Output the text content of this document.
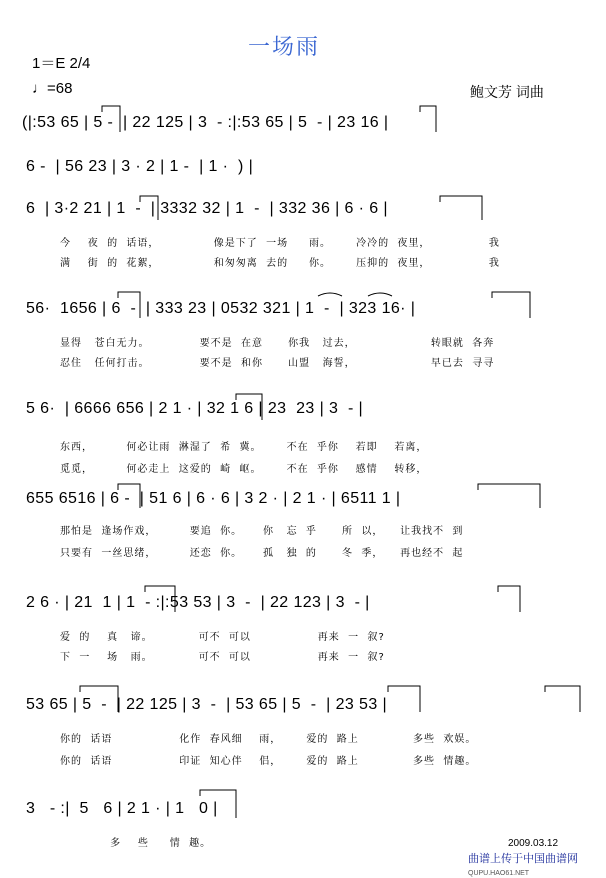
一场雨
1＝E 2/4
♩=68	鲍文芳 词曲
(|:53 65 | 5 -  | 22 125 | 3  - :|:53 65 | 5  - | 23 16 |
6 -  | 56 23 | 3 · 2 | 1 -  | 1 ·  ) |
6  | 3·2 21 | 1  -  | 3332 32 | 1  -  | 332 36 | 6 · 6 |
今    夜  的  话语，             像是下了  一场     雨。      冷冷的  夜里，              我
满    街  的  花絮，             和匆匆离  去的     你。      压抑的  夜里，              我
56·  1656 | 6  -  | 333 23 | 0532 321 | 1  -  | 323 16· |
显得   苍白无力。            要不是  在意      你我   过去，                  转眼就  各奔
忍住   任何打击。            要不是  和你      山盟   海誓，                  早已去  寻寻
5 6·  | 6666 656 | 2 1 · | 32 1 6 | 23  23 | 3  - |
东西，        何必让雨  淋湿了  希  冀。      不在  乎你    若即    若离，
觅觅，        何必走上  这爱的  崎  岖。      不在  乎你    感情    转移，
655 6516 | 6 -  | 51 6 | 6 · 6 | 3 2 · | 2 1 · | 6511 1 |
那怕是  逢场作戏，        要追  你。     你   忘  乎      所  以，    让我找不  到
只要有  一丝思绪，        还恋  你。     孤   独  的      冬  季，    再也经不  起
2 6 · | 21  1 | 1  - :|:53 53 | 3  -  | 22 123 | 3  - |
爱  的    真   谛。           可不  可以                再来  一  叙?
下  一    场   雨。           可不  可以                再来  一  叙?
53 65 | 5  -  | 22 125 | 3  -  | 53 65 | 5  -  | 23 53 |
你的  话语                化作  春风细    雨，      爱的  路上             多些  欢娱。
你的  话语                印证  知心伴    侣，      爱的  路上             多些  情趣。
3   - :|  5   6 | 2 1 · | 1   0 |
多    些     情  趣。	2009.03.12
曲谱上传于中国曲谱网
QUPU.HAO61.NET
